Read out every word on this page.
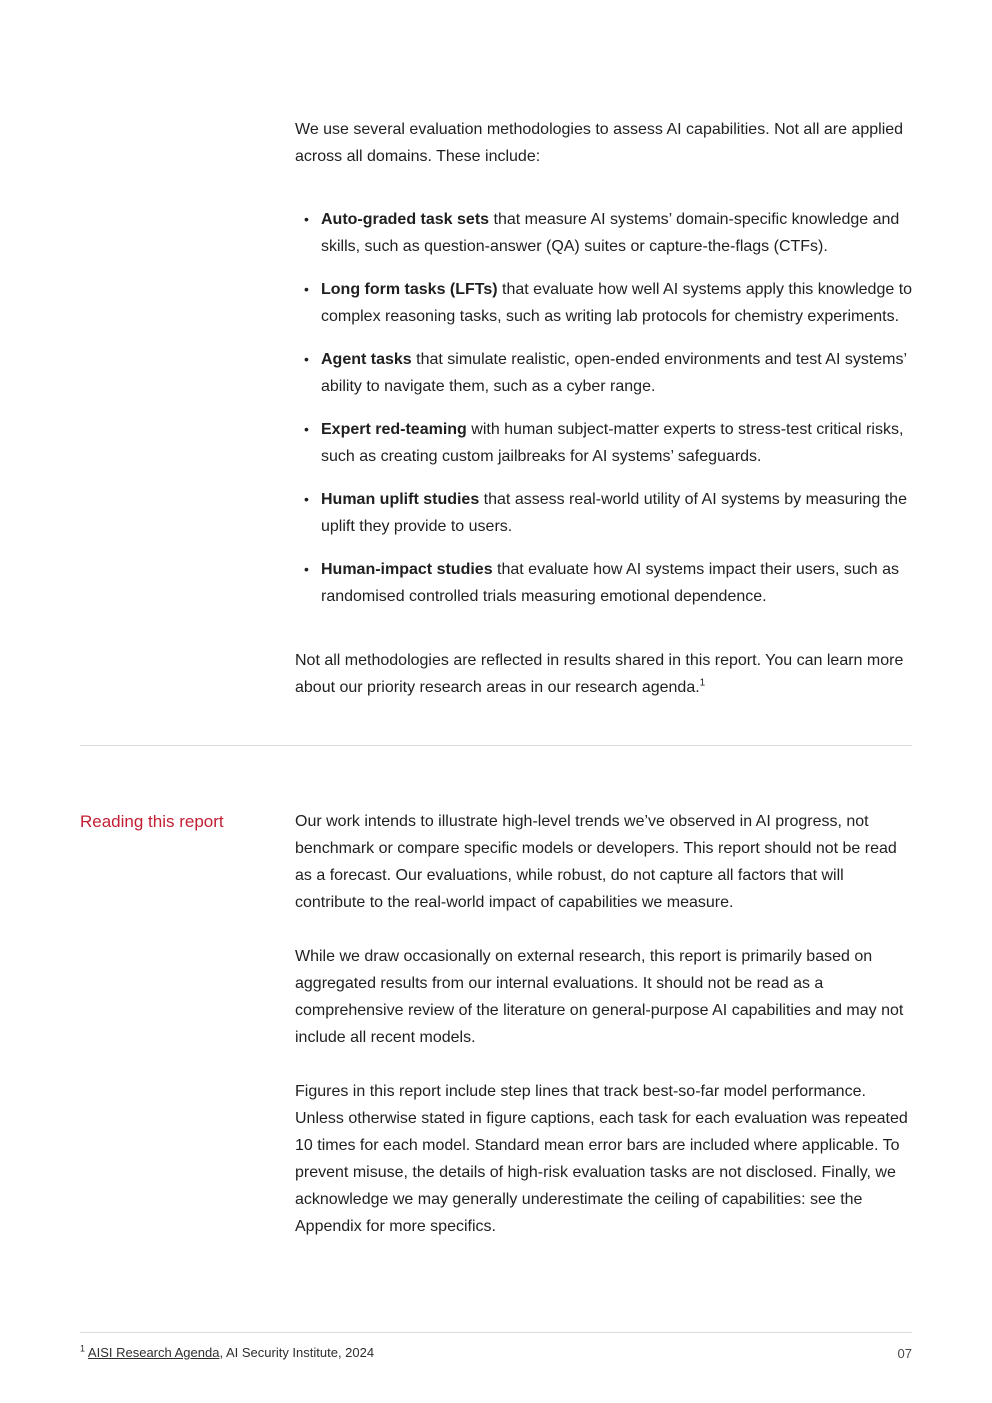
We use several evaluation methodologies to assess AI capabilities. Not all are applied across all domains. These include:

• Auto-graded task sets that measure AI systems’ domain-specific knowledge and skills, such as question-answer (QA) suites or capture-the-flags (CTFs).
• Long form tasks (LFTs) that evaluate how well AI systems apply this knowledge to complex reasoning tasks, such as writing lab protocols for chemistry experiments.
• Agent tasks that simulate realistic, open-ended environments and test AI systems’ ability to navigate them, such as a cyber range.
• Expert red-teaming with human subject-matter experts to stress-test critical risks, such as creating custom jailbreaks for AI systems’ safeguards.
• Human uplift studies that assess real-world utility of AI systems by measuring the uplift they provide to users.
• Human-impact studies that evaluate how AI systems impact their users, such as randomised controlled trials measuring emotional dependence.

Not all methodologies are reflected in results shared in this report. You can learn more about our priority research areas in our research agenda.$^1$

Reading this report	Our work intends to illustrate high-level trends we’ve observed in AI progress, not benchmark or compare specific models or developers. This report should not be read as a forecast. Our evaluations, while robust, do not capture all factors that will contribute to the real-world impact of capabilities we measure.

While we draw occasionally on external research, this report is primarily based on aggregated results from our internal evaluations. It should not be read as a comprehensive review of the literature on general-purpose AI capabilities and may not include all recent models.

Figures in this report include step lines that track best-so-far model performance. Unless otherwise stated in figure captions, each task for each evaluation was repeated 10 times for each model. Standard mean error bars are included where applicable. To prevent misuse, the details of high-risk evaluation tasks are not disclosed. Finally, we acknowledge we may generally underestimate the ceiling of capabilities: see the Appendix for more specifics.

$^1$ AISI Research Agenda, AI Security Institute, 2024	07
